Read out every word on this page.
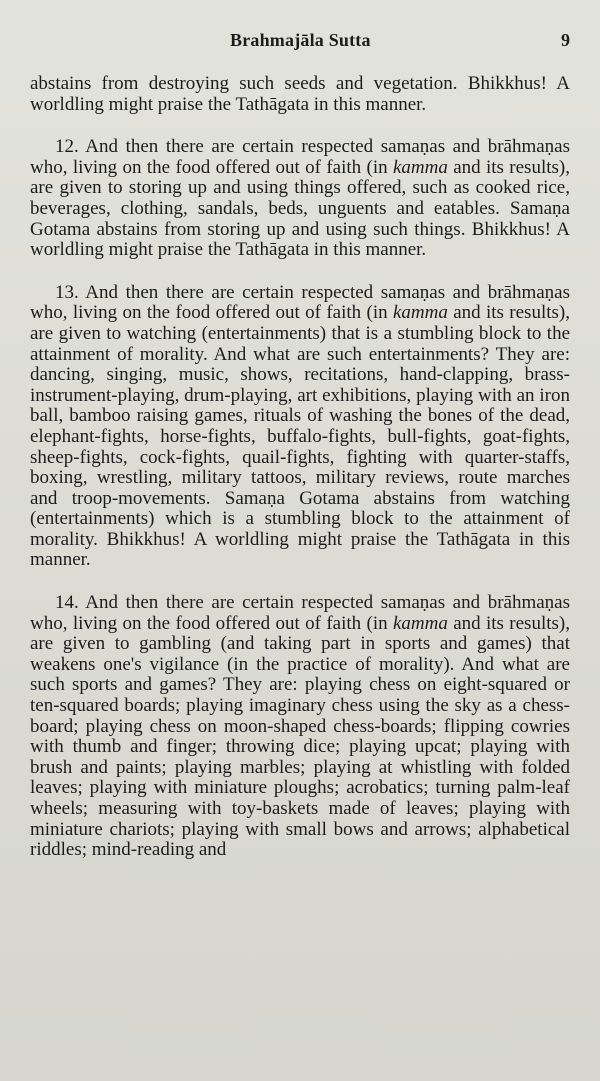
Brahmajāla Sutta	9

abstains from destroying such seeds and vegetation. Bhikkhus! A worldling might praise the Tathāgata in this manner.

12. And then there are certain respected samaṇas and brāhmaṇas who, living on the food offered out of faith (in kamma and its results), are given to storing up and using things offered, such as cooked rice, beverages, clothing, sandals, beds, unguents and eatables. Samaṇa Gotama abstains from storing up and using such things. Bhikkhus! A worldling might praise the Tathāgata in this manner.

13. And then there are certain respected samaṇas and brāhmaṇas who, living on the food offered out of faith (in kamma and its results), are given to watching (entertainments) that is a stumbling block to the attainment of morality. And what are such entertainments? They are: dancing, singing, music, shows, recitations, hand-clapping, brass-instrument-playing, drum-playing, art exhibitions, playing with an iron ball, bamboo raising games, rituals of washing the bones of the dead, elephant-fights, horse-fights, buffalo-fights, bull-fights, goat-fights, sheep-fights, cock-fights, quail-fights, fighting with quarter-staffs, boxing, wrestling, military tattoos, military reviews, route marches and troop-movements. Samaṇa Gotama abstains from watching (entertainments) which is a stumbling block to the attainment of morality. Bhikkhus! A worldling might praise the Tathāgata in this manner.

14. And then there are certain respected samaṇas and brāhmaṇas who, living on the food offered out of faith (in kamma and its results), are given to gambling (and taking part in sports and games) that weakens one's vigilance (in the practice of morality). And what are such sports and games? They are: playing chess on eight-squared or ten-squared boards; playing imaginary chess using the sky as a chess-board; playing chess on moon-shaped chess-boards; flipping cowries with thumb and finger; throwing dice; playing upcat; playing with brush and paints; playing marbles; playing at whistling with folded leaves; playing with miniature ploughs; acrobatics; turning palm-leaf wheels; measuring with toy-baskets made of leaves; playing with miniature chariots; playing with small bows and arrows; alphabetical riddles; mind-reading and
